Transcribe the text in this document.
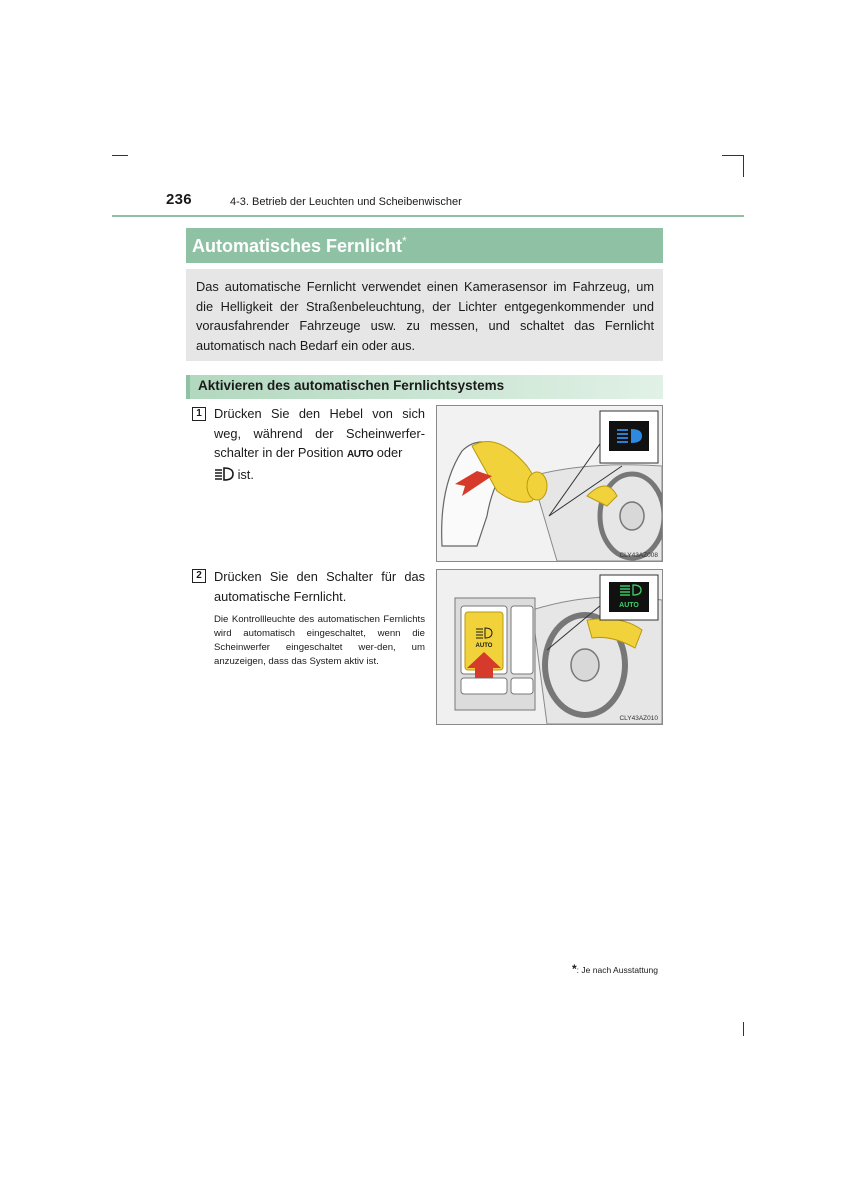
236	4-3. Betrieb der Leuchten und Scheibenwischer
Automatisches Fernlicht*
Das automatische Fernlicht verwendet einen Kamerasensor im Fahrzeug, um die Helligkeit der Straßenbeleuchtung, der Lichter entgegenkommender und vorausfahrender Fahrzeuge usw. zu messen, und schaltet das Fernlicht automatisch nach Bedarf ein oder aus.
Aktivieren des automatischen Fernlichtsystems
1 Drücken Sie den Hebel von sich weg, während der Scheinwerfer-schalter in der Position AUTO oder
ist.
CLY43AZ008
2 Drücken Sie den Schalter für das automatische Fernlicht.
Die Kontrollleuchte des automatischen Fernlichts wird automatisch eingeschaltet, wenn die Scheinwerfer eingeschaltet wer-den, um anzuzeigen, dass das System aktiv ist.
AUTO
AUTO
CLY43AZ010
*: Je nach Ausstattung
